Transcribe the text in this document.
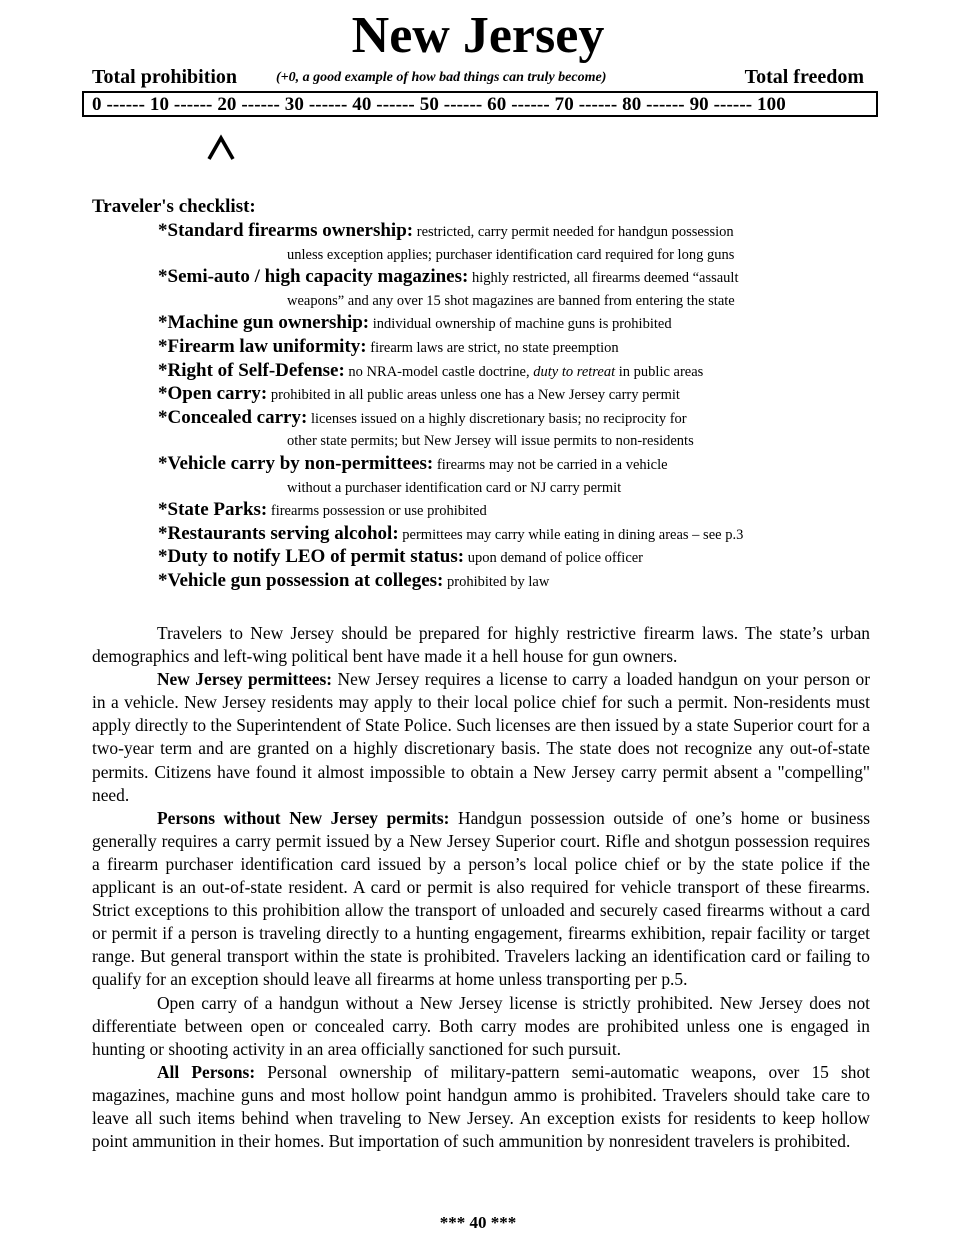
New Jersey
Total prohibition	(+0, a good example of how bad things can truly become)	Total freedom
0 ------ 10 ------ 20 ------ 30 ------ 40 ------ 50 ------ 60 ------ 70 ------ 80 ------ 90 ------ 100
Traveler's checklist:
*Standard firearms ownership: restricted, carry permit needed for handgun possession
unless exception applies; purchaser identification card required for long guns
*Semi-auto / high capacity magazines: highly restricted, all firearms deemed “assault
weapons” and any over 15 shot magazines are banned from entering the state
*Machine gun ownership: individual ownership of machine guns is prohibited
*Firearm law uniformity: firearm laws are strict, no state preemption
*Right of Self-Defense: no NRA-model castle doctrine, duty to retreat in public areas
*Open carry: prohibited in all public areas unless one has a New Jersey carry permit
*Concealed carry: licenses issued on a highly discretionary basis; no reciprocity for
other state permits; but New Jersey will issue permits to non-residents
*Vehicle carry by non-permittees: firearms may not be carried in a vehicle
without a purchaser identification card or NJ carry permit
*State Parks: firearms possession or use prohibited
*Restaurants serving alcohol: permittees may carry while eating in dining areas – see p.3
*Duty to notify LEO of permit status: upon demand of police officer
*Vehicle gun possession at colleges: prohibited by law

Travelers to New Jersey should be prepared for highly restrictive firearm laws. The state’s urban demographics and left-wing political bent have made it a hell house for gun owners.

New Jersey permittees: New Jersey requires a license to carry a loaded handgun on your person or in a vehicle. New Jersey residents may apply to their local police chief for such a permit. Non-residents must apply directly to the Superintendent of State Police. Such licenses are then issued by a state Superior court for a two-year term and are granted on a highly discretionary basis. The state does not recognize any out-of-state permits. Citizens have found it almost impossible to obtain a New Jersey carry permit absent a "compelling" need.

Persons without New Jersey permits: Handgun possession outside of one’s home or business generally requires a carry permit issued by a New Jersey Superior court. Rifle and shotgun possession requires a firearm purchaser identification card issued by a person’s local police chief or by the state police if the applicant is an out-of-state resident. A card or permit is also required for vehicle transport of these firearms. Strict exceptions to this prohibition allow the transport of unloaded and securely cased firearms without a card or permit if a person is traveling directly to a hunting engagement, firearms exhibition, repair facility or target range. But general transport within the state is prohibited. Travelers lacking an identification card or failing to qualify for an exception should leave all firearms at home unless transporting per p.5.

Open carry of a handgun without a New Jersey license is strictly prohibited. New Jersey does not differentiate between open or concealed carry. Both carry modes are prohibited unless one is engaged in hunting or shooting activity in an area officially sanctioned for such pursuit.

All Persons: Personal ownership of military-pattern semi-automatic weapons, over 15 shot magazines, machine guns and most hollow point handgun ammo is prohibited. Travelers should take care to leave all such items behind when traveling to New Jersey. An exception exists for residents to keep hollow point ammunition in their homes. But importation of such ammunition by nonresident travelers is prohibited.

*** 40 ***
